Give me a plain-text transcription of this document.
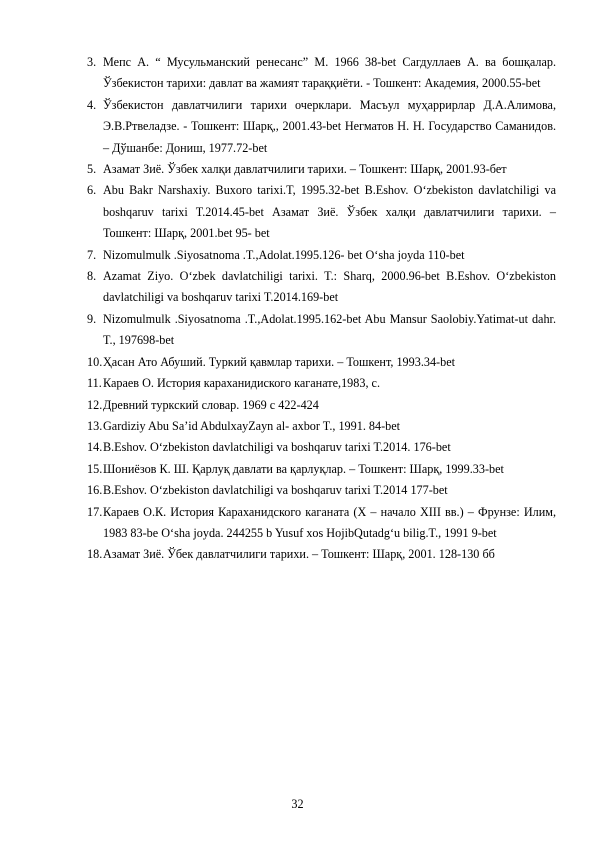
3. Мепс А. “ Мусульманский ренесанс” М. 1966 38-bet Сагдуллаев А. ва бошқалар. Ўзбекистон тарихи: давлат ва жамият тараққиёти. - Тошкент: Академия, 2000.55-bet
4. Ўзбекистон давлатчилиги тарихи очерклари. Масъул муҳаррирлар Д.А.Алимова, Э.В.Ртвеладзе. - Тошкент: Шарқ,, 2001.43-bet Негматов Н. Н. Государство Саманидов. – Дўшанбе: Дониш, 1977.72-bet
5. Азамат Зиё. Ўзбек халқи давлатчилиги тарихи. – Тошкент: Шарқ, 2001.93-бет
6. Abu Bakr Narshaxiy. Buxoro tarixi.T, 1995.32-bet B.Eshov. O‘zbekiston davlatchiligi va boshqaruv tarixi T.2014.45-bet Азамат Зиё. Ўзбек халқи давлатчилиги тарихи. – Тошкент: Шарқ, 2001.bet 95- bet
7. Nizomulmulk .Siyosatnoma .T.,Adolat.1995.126- bet O‘sha joyda 110-bet
8. Azamat Ziyo. O‘zbek davlatchiligi tarixi. T.: Sharq, 2000.96-bet B.Eshov. O‘zbekiston davlatchiligi va boshqaruv tarixi T.2014.169-bet
9. Nizomulmulk .Siyosatnoma .T.,Adolat.1995.162-bet Abu Mansur Saolobiy.Yatimat-ut dahr. T., 197698-bet
10. Ҳасан Ато Абуший. Туркий қавмлар тарихи. – Тошкент, 1993.34-bet
11. Караев О. История караханидиского каганате,1983, с.
12. Древний туркский словар. 1969 с 422-424
13. Gardiziy Abu Sa’id AbdulxayZayn al- axbor T., 1991. 84-bet
14. B.Eshov. O‘zbekiston davlatchiligi va boshqaruv tarixi T.2014. 176-bet
15. Шониёзов К. Ш. Қарлуқ давлати ва қарлуқлар. – Тошкент: Шарқ, 1999.33-bet
16. B.Eshov. O‘zbekiston davlatchiligi va boshqaruv tarixi T.2014 177-bet
17. Караев О.К. История Караханидского каганата (Х – начало XIII вв.) – Фрунзе: Илим, 1983 83-be O‘sha joyda. 244255 b Yusuf xos HojibQutadg‘u bilig.T., 1991 9-bet
18. Азамат Зиё. Ўбек давлатчилиги тарихи. – Тошкент: Шарқ, 2001. 128-130 бб
32
